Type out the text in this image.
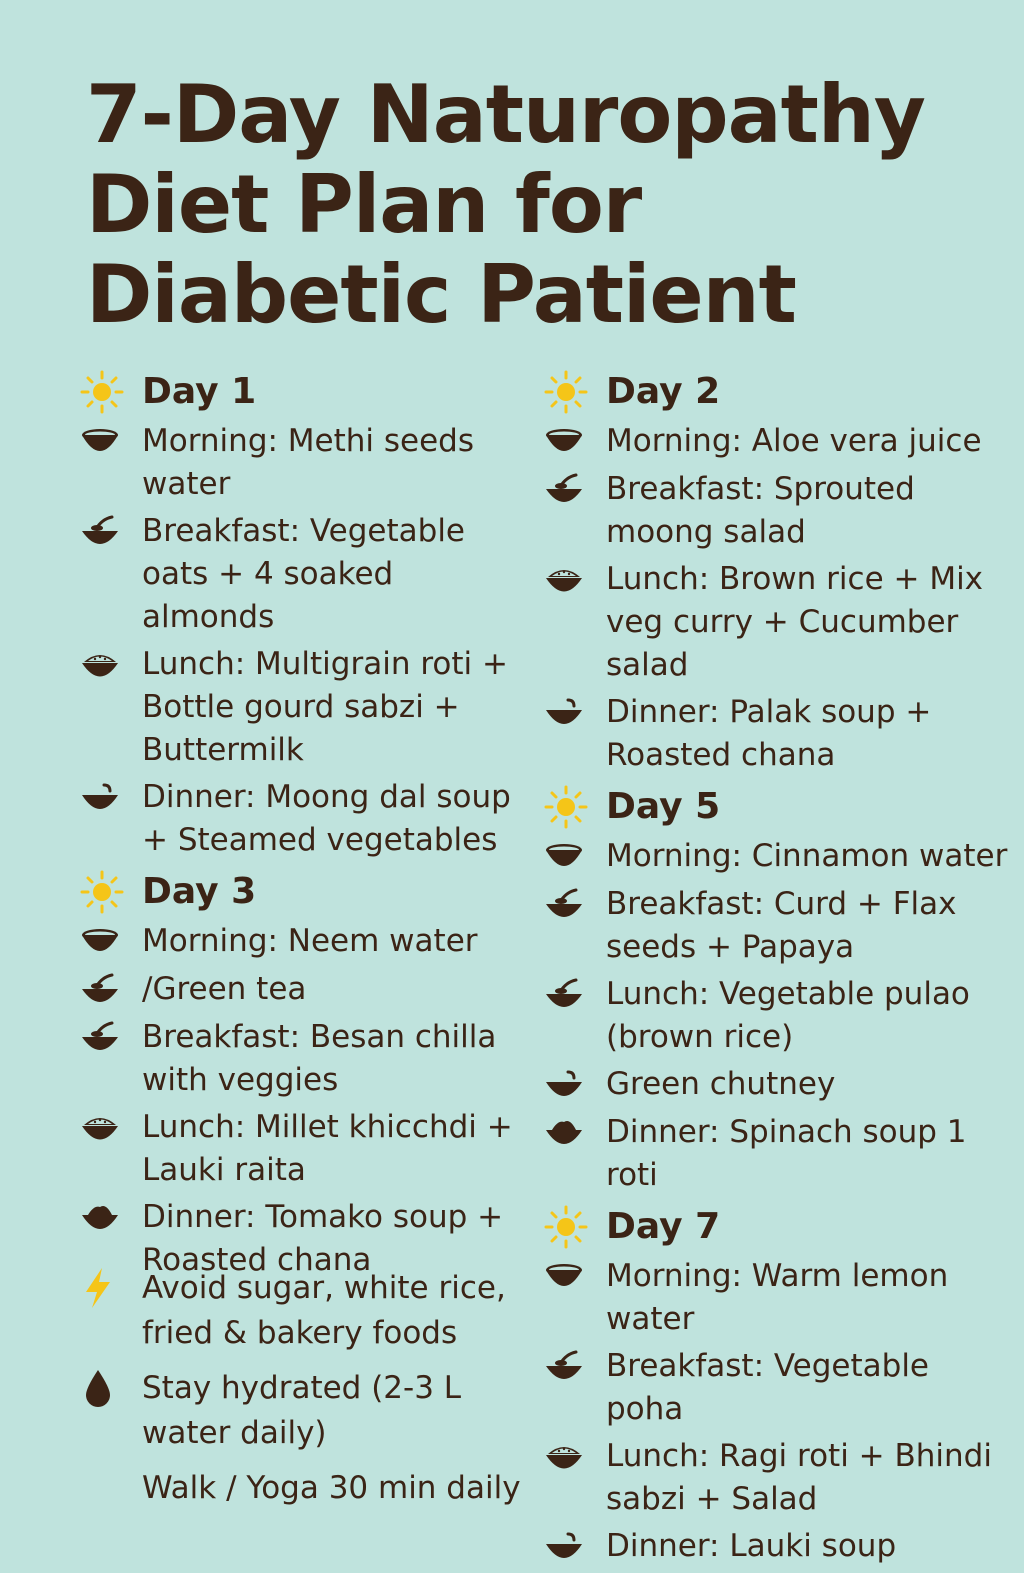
7-Day Naturopathy Diet Plan for Diabetic Patient
Day 1
Morning: Methi seeds water
Breakfast: Vegetable oats + 4 soaked almonds
Lunch: Multigrain roti + Bottle gourd sabzi + Buttermilk
Dinner: Moong dal soup + Steamed vegetables
Day 3
Morning: Neem water
/Green tea
Breakfast: Besan chilla with veggies
Lunch: Millet khicchdi + Lauki raita
Dinner: Tomako soup + Roasted chana
Avoid sugar, white rice, fried & bakery foods
Stay hydrated (2-3 L water daily)
Walk / Yoga 30 min daily
Day 2
Morning: Aloe vera juice
Breakfast: Sprouted moong salad
Lunch: Brown rice + Mix veg curry + Cucumber salad
Dinner: Palak soup + Roasted chana
Day 5
Morning: Cinnamon water
Breakfast: Curd + Flax seeds + Papaya
Lunch: Vegetable pulao (brown rice)
Green chutney
Dinner: Spinach soup 1 roti
Day 7
Morning: Warm lemon water
Breakfast: Vegetable poha
Lunch: Ragi roti + Bhindi sabzi + Salad
Dinner: Lauki soup
